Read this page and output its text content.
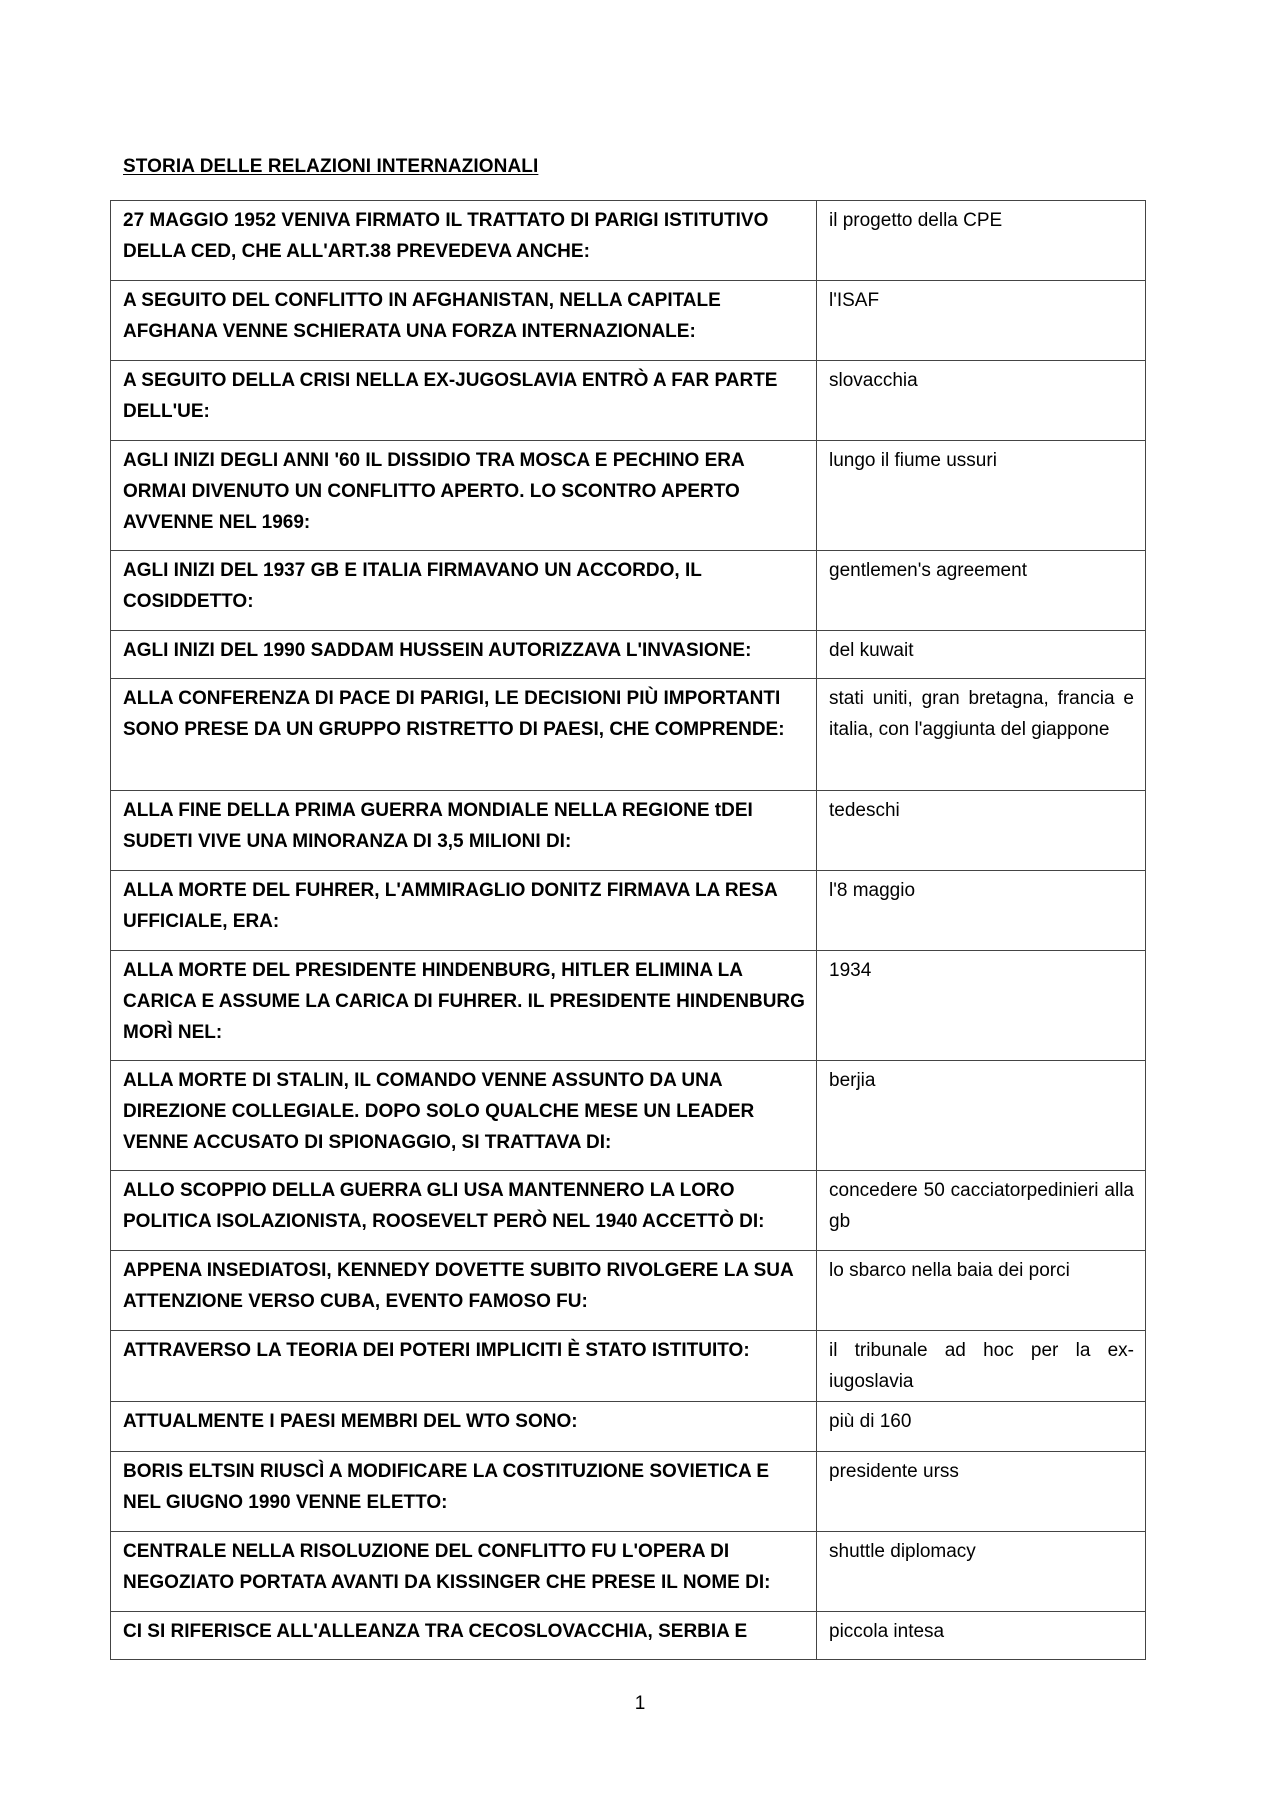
STORIA DELLE RELAZIONI INTERNAZIONALI
27 MAGGIO 1952 VENIVA FIRMATO IL TRATTATO DI PARIGI ISTITUTIVO DELLA CED, CHE ALL'ART.38 PREVEDEVA ANCHE:	il progetto della CPE
A SEGUITO DEL CONFLITTO IN AFGHANISTAN, NELLA CAPITALE AFGHANA VENNE SCHIERATA UNA FORZA INTERNAZIONALE:	l'ISAF
A SEGUITO DELLA CRISI NELLA EX-JUGOSLAVIA ENTRÒ A FAR PARTE DELL'UE:	slovacchia
AGLI INIZI DEGLI ANNI '60 IL DISSIDIO TRA MOSCA E PECHINO ERA ORMAI DIVENUTO UN CONFLITTO APERTO. LO SCONTRO APERTO AVVENNE NEL 1969:	lungo il fiume ussuri
AGLI INIZI DEL 1937 GB E ITALIA FIRMAVANO UN ACCORDO, IL COSIDDETTO:	gentlemen's agreement
AGLI INIZI DEL 1990 SADDAM HUSSEIN AUTORIZZAVA L'INVASIONE:	del kuwait
ALLA CONFERENZA DI PACE DI PARIGI, LE DECISIONI PIÙ IMPORTANTI SONO PRESE DA UN GRUPPO RISTRETTO DI PAESI, CHE COMPRENDE:	stati uniti, gran bretagna, francia e italia, con l'aggiunta del giappone
ALLA FINE DELLA PRIMA GUERRA MONDIALE NELLA REGIONE tDEI SUDETI VIVE UNA MINORANZA DI 3,5 MILIONI DI:	tedeschi
ALLA MORTE DEL FUHRER, L'AMMIRAGLIO DONITZ FIRMAVA LA RESA UFFICIALE, ERA:	l'8 maggio
ALLA MORTE DEL PRESIDENTE HINDENBURG, HITLER ELIMINA LA CARICA E ASSUME LA CARICA DI FUHRER. IL PRESIDENTE HINDENBURG MORÌ NEL:	1934
ALLA MORTE DI STALIN, IL COMANDO VENNE ASSUNTO DA UNA DIREZIONE COLLEGIALE. DOPO SOLO QUALCHE MESE UN LEADER VENNE ACCUSATO DI SPIONAGGIO, SI TRATTAVA DI:	berjia
ALLO SCOPPIO DELLA GUERRA GLI USA MANTENNERO LA LORO POLITICA ISOLAZIONISTA, ROOSEVELT PERÒ NEL 1940 ACCETTÒ DI:	concedere 50 cacciatorpedinieri alla gb
APPENA INSEDIATOSI, KENNEDY DOVETTE SUBITO RIVOLGERE LA SUA ATTENZIONE VERSO CUBA, EVENTO FAMOSO FU:	lo sbarco nella baia dei porci
ATTRAVERSO LA TEORIA DEI POTERI IMPLICITI È STATO ISTITUITO:	il tribunale ad hoc per la ex-iugoslavia
ATTUALMENTE I PAESI MEMBRI DEL WTO SONO:	più di 160
BORIS ELTSIN RIUSCÌ A MODIFICARE LA COSTITUZIONE SOVIETICA E NEL GIUGNO 1990 VENNE ELETTO:	presidente urss
CENTRALE NELLA RISOLUZIONE DEL CONFLITTO FU L'OPERA DI NEGOZIATO PORTATA AVANTI DA KISSINGER CHE PRESE IL NOME DI:	shuttle diplomacy
CI SI RIFERISCE ALL'ALLEANZA TRA CECOSLOVACCHIA, SERBIA E	piccola intesa
1
